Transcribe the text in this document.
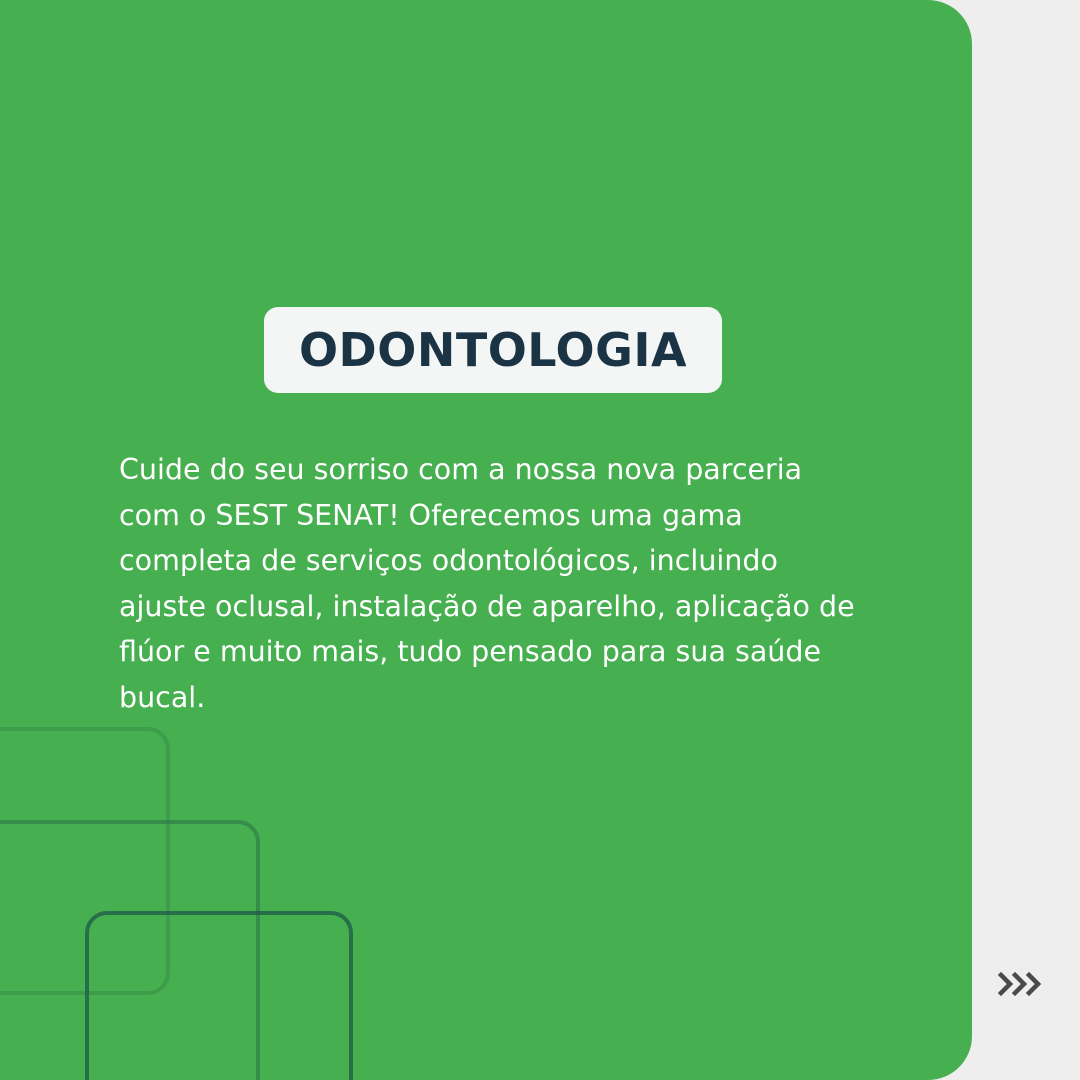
ODONTOLOGIA

Cuide do seu sorriso com a nossa nova parceria com o SEST SENAT! Oferecemos uma gama completa de serviços odontológicos, incluindo ajuste oclusal, instalação de aparelho, aplicação de flúor e muito mais, tudo pensado para sua saúde bucal.
